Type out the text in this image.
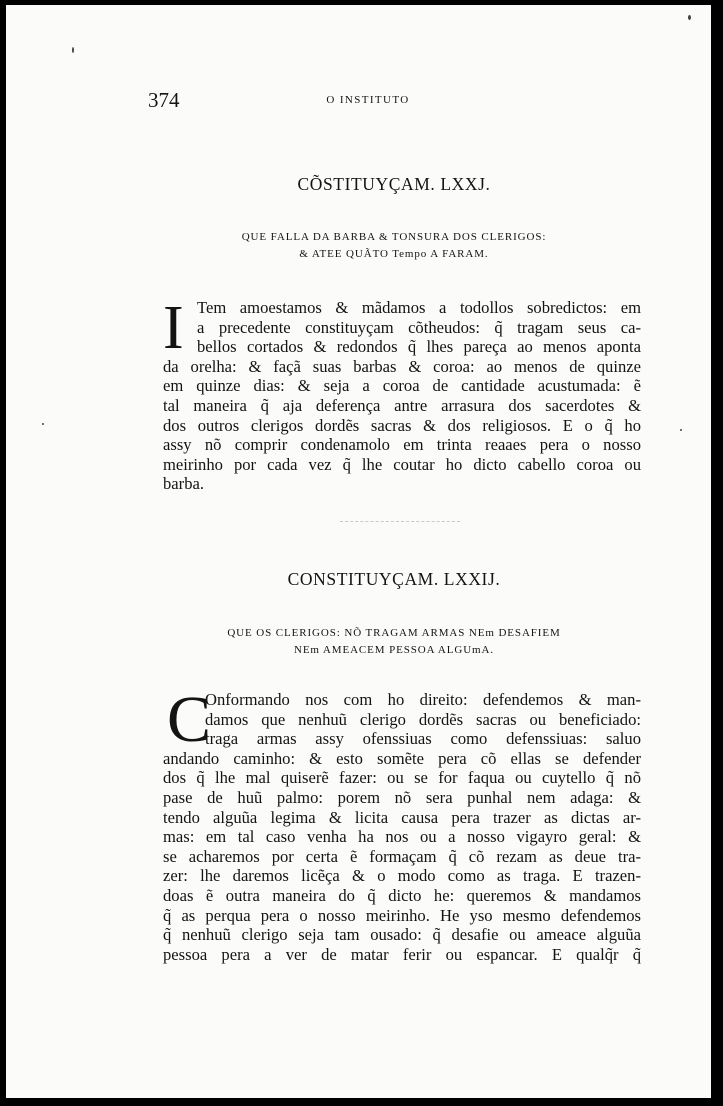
374	O INSTITUTO
CÕSTITUYÇAM. LXXJ.
QUE FALLA DA BARBA & TONSURA DOS CLERIGOS:
& ATEE QUÃTO Tempo A FARAM.
I Tem amoestamos & mãdamos a todollos sobredictos: em
a precedente constituyçam cõtheudos: q̃ tragam seus ca-
bellos cortados & redondos q̃ lhes pareça ao menos aponta
da orelha: & façã suas barbas & coroa: ao menos de quinze
em quinze dias: & seja a coroa de cantidade acustumada: ẽ
tal maneira q̃ aja deferença antre arrasura dos sacerdotes &
dos outros clerigos dordẽs sacras & dos religiosos. E o q̃ ho
assy nõ comprir condenamolo em trinta reaaes pera o nosso
meirinho por cada vez q̃ lhe coutar ho dicto cabello coroa ou
barba.
CONSTITUYÇAM. LXXIJ.
QUE OS CLERIGOS: NÕ TRAGAM ARMAS NEm DESAFIEM
NEm AMEACEM PESSOA ALGUmA.
C
Onformando nos com ho direito: defendemos & man-
damos que nenhuũ clerigo dordẽs sacras ou beneficiado:
traga armas assy ofenssiuas como defenssiuas: saluo
andando caminho: & esto somẽte pera cõ ellas se defender
dos q̃ lhe mal quiserẽ fazer: ou se for faqua ou cuytello q̃ nõ
pase de huũ palmo: porem nõ sera punhal nem adaga: &
tendo alguũa legima & licita causa pera trazer as dictas ar-
mas: em tal caso venha ha nos ou a nosso vigayro geral: &
se acharemos por certa ẽ formaçam q̃ cõ rezam as deue tra-
zer: lhe daremos licẽça & o modo como as traga. E trazen-
doas ẽ outra maneira do q̃ dicto he: queremos & mandamos
q̃ as perqua pera o nosso meirinho. He yso mesmo defendemos
q̃ nenhuũ clerigo seja tam ousado: q̃ desafie ou ameace alguũa
pessoa pera a ver de matar ferir ou espancar. E qualq̃r q̃
